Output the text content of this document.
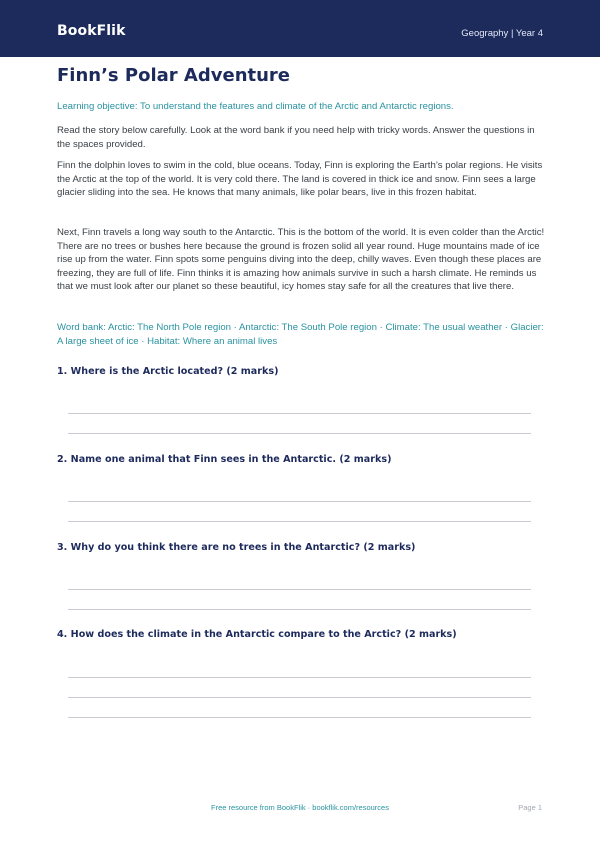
BookFlik	Geography | Year 4
Finn’s Polar Adventure
Learning objective: To understand the features and climate of the Arctic and Antarctic regions.
Read the story below carefully. Look at the word bank if you need help with tricky words. Answer the questions in the spaces provided.
Finn the dolphin loves to swim in the cold, blue oceans. Today, Finn is exploring the Earth’s polar regions. He visits the Arctic at the top of the world. It is very cold there. The land is covered in thick ice and snow. Finn sees a large glacier sliding into the sea. He knows that many animals, like polar bears, live in this frozen habitat.
Next, Finn travels a long way south to the Antarctic. This is the bottom of the world. It is even colder than the Arctic! There are no trees or bushes here because the ground is frozen solid all year round. Huge mountains made of ice rise up from the water. Finn spots some penguins diving into the deep, chilly waves. Even though these places are freezing, they are full of life. Finn thinks it is amazing how animals survive in such a harsh climate. He reminds us that we must look after our planet so these beautiful, icy homes stay safe for all the creatures that live there.
Word bank: Arctic: The North Pole region · Antarctic: The South Pole region · Climate: The usual weather · Glacier: A large sheet of ice · Habitat: Where an animal lives
1. Where is the Arctic located? (2 marks)
2. Name one animal that Finn sees in the Antarctic. (2 marks)
3. Why do you think there are no trees in the Antarctic? (2 marks)
4. How does the climate in the Antarctic compare to the Arctic? (2 marks)
Free resource from BookFlik · bookflik.com/resources	Page 1
